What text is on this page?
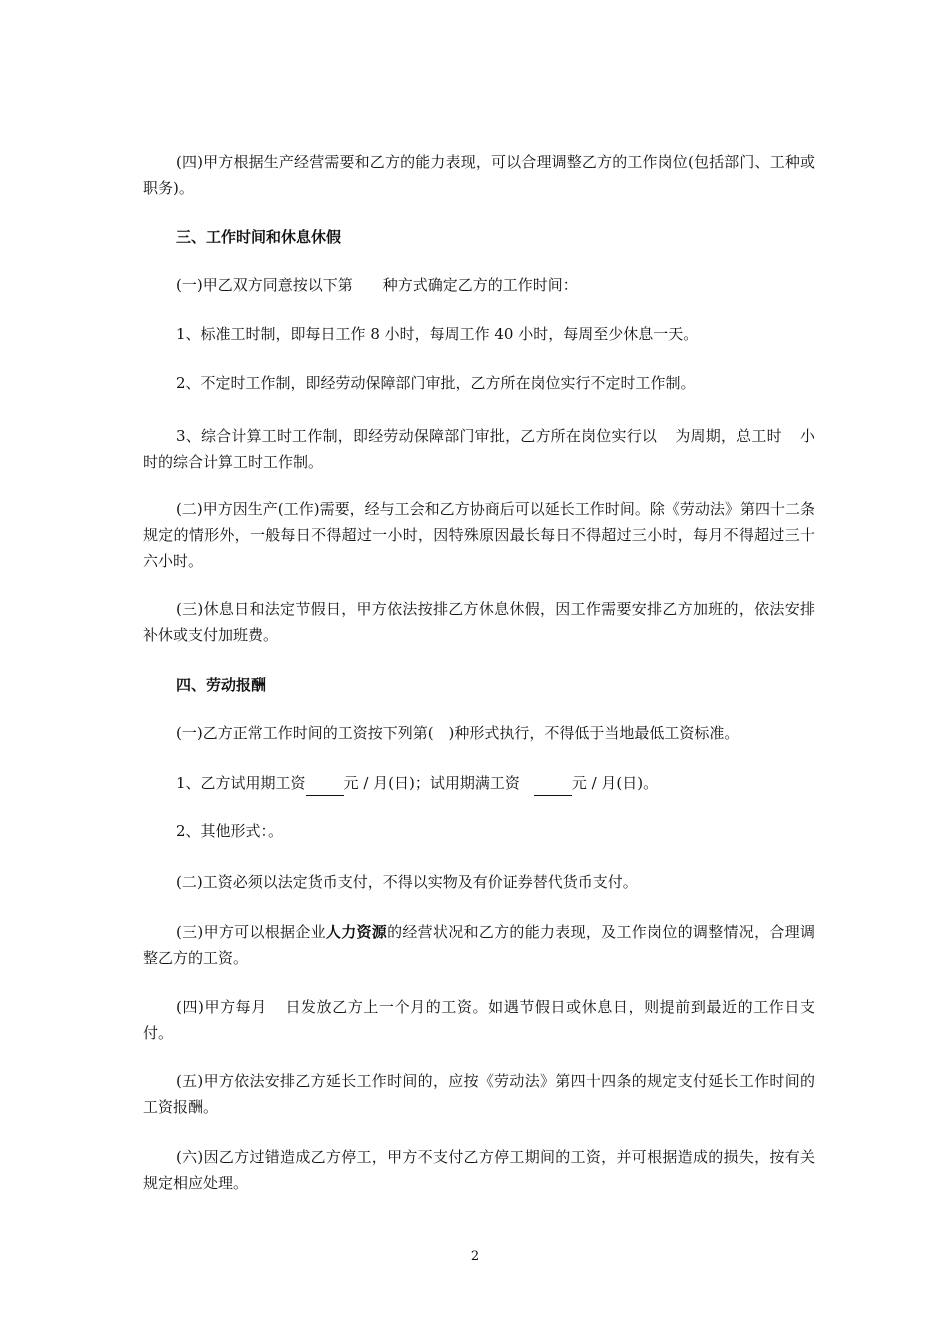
(四)甲方根据生产经营需要和乙方的能力表现，可以合理调整乙方的工作岗位(包括部门、工种或职务)。

三、工作时间和休息休假

(一)甲乙双方同意按以下第 种方式确定乙方的工作时间：

1、标准工时制，即每日工作 8 小时，每周工作 40 小时，每周至少休息一天。

2、不定时工作制，即经劳动保障部门审批，乙方所在岗位实行不定时工作制。

3、综合计算工时工作制，即经劳动保障部门审批，乙方所在岗位实行以 为周期，总工时 小时的综合计算工时工作制。

(二)甲方因生产(工作)需要，经与工会和乙方协商后可以延长工作时间。除《劳动法》第四十二条规定的情形外，一般每日不得超过一小时，因特殊原因最长每日不得超过三小时，每月不得超过三十六小时。

(三)休息日和法定节假日，甲方依法按排乙方休息休假，因工作需要安排乙方加班的，依法安排补休或支付加班费。

四、劳动报酬

(一)乙方正常工作时间的工资按下列第(　)种形式执行，不得低于当地最低工资标准。

1、乙方试用期工资	元 / 月(日)；试用期满工资	元 / 月(日)。

2、其他形式：。

(二)工资必须以法定货币支付，不得以实物及有价证券替代货币支付。

(三)甲方可以根据企业人力资源的经营状况和乙方的能力表现，及工作岗位的调整情况，合理调整乙方的工资。

(四)甲方每月 日发放乙方上一个月的工资。如遇节假日或休息日，则提前到最近的工作日支付。

(五)甲方依法安排乙方延长工作时间的，应按《劳动法》第四十四条的规定支付延长工作时间的工资报酬。

(六)因乙方过错造成乙方停工，甲方不支付乙方停工期间的工资，并可根据造成的损失，按有关规定相应处理。

2
